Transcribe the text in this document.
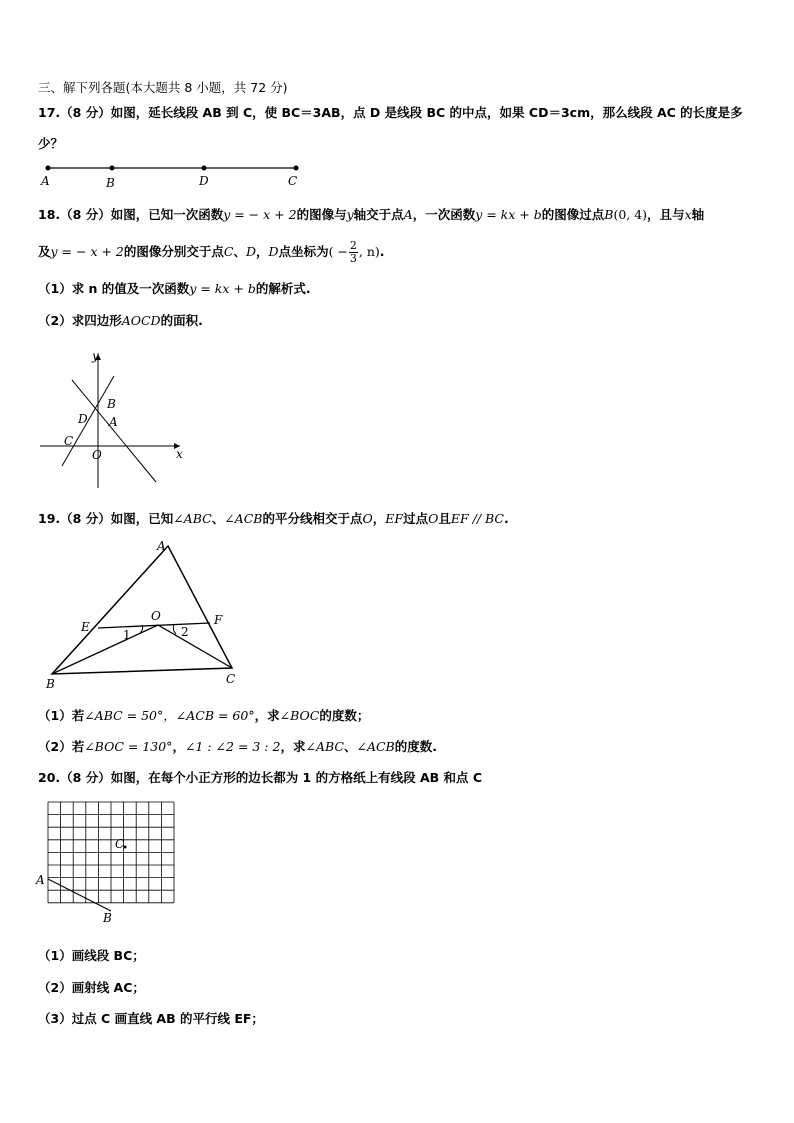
三、解下列各题(本大题共 8 小题，共 72 分)
17.（8 分）如图，延长线段 AB 到 C，使 BC＝3AB，点 D 是线段 BC 的中点，如果 CD＝3cm，那么线段 AC 的长度是多
少？
A	B	D	C
18.（8 分）如图，已知一次函数y = − x + 2的图像与y轴交于点A，一次函数y = kx + b的图像过点B(0, 4)，且与x轴
及y = − x + 2的图像分别交于点C、D，D点坐标为( − $\frac{2}{3}$ , n).
（1）求 n 的值及一次函数y = kx + b的解析式.
（2）求四边形AOCD的面积.
y
x
B
A
D
C
O
19.（8 分）如图，已知∠ABC、∠ACB的平分线相交于点O，EF过点O且EF // BC.
A
E
O	F
B	C
1	2
（1）若∠ABC = 50°，∠ACB = 60°，求∠BOC的度数；
（2）若∠BOC = 130°，∠1 : ∠2 = 3 : 2，求∠ABC、∠ACB的度数.
20.（8 分）如图，在每个小正方形的边长都为 1 的方格纸上有线段 AB 和点 C
A
B
C
（1）画线段 BC；
（2）画射线 AC；
（3）过点 C 画直线 AB 的平行线 EF；
